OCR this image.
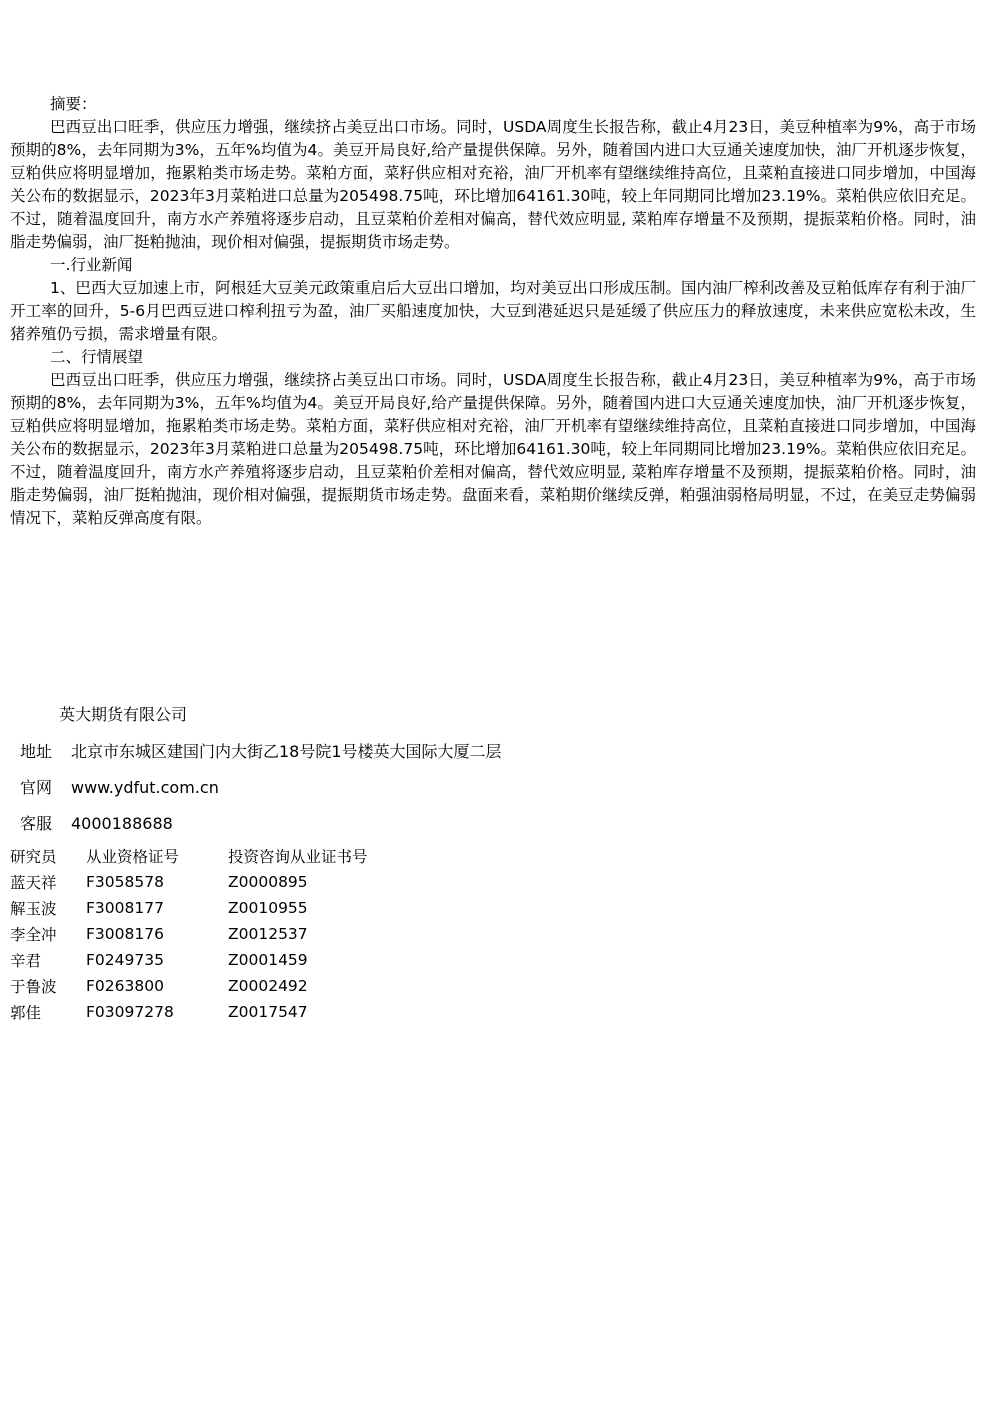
摘要：

巴西豆出口旺季，供应压力增强，继续挤占美豆出口市场。同时，USDA周度生长报告称，截止4月23日，美豆种植率为9%，高于市场预期的8%，去年同期为3%，五年%均值为4。美豆开局良好,给产量提供保障。另外，随着国内进口大豆通关速度加快，油厂开机逐步恢复，豆粕供应将明显增加，拖累粕类市场走势。菜粕方面，菜籽供应相对充裕，油厂开机率有望继续维持高位，且菜粕直接进口同步增加，中国海关公布的数据显示，2023年3月菜粕进口总量为205498.75吨，环比增加64161.30吨，较上年同期同比增加23.19%。菜粕供应依旧充足。不过，随着温度回升，南方水产养殖将逐步启动，且豆菜粕价差相对偏高，替代效应明显, 菜粕库存增量不及预期，提振菜粕价格。同时，油脂走势偏弱，油厂挺粕抛油，现价相对偏强，提振期货市场走势。

一.行业新闻

1、巴西大豆加速上市，阿根廷大豆美元政策重启后大豆出口增加，均对美豆出口形成压制。国内油厂榨利改善及豆粕低库存有利于油厂开工率的回升，5-6月巴西豆进口榨利扭亏为盈，油厂买船速度加快，大豆到港延迟只是延缓了供应压力的释放速度，未来供应宽松未改，生猪养殖仍亏损，需求增量有限。

二、行情展望

巴西豆出口旺季，供应压力增强，继续挤占美豆出口市场。同时，USDA周度生长报告称，截止4月23日，美豆种植率为9%，高于市场预期的8%，去年同期为3%，五年%均值为4。美豆开局良好,给产量提供保障。另外，随着国内进口大豆通关速度加快，油厂开机逐步恢复，豆粕供应将明显增加，拖累粕类市场走势。菜粕方面，菜籽供应相对充裕，油厂开机率有望继续维持高位，且菜粕直接进口同步增加，中国海关公布的数据显示，2023年3月菜粕进口总量为205498.75吨，环比增加64161.30吨，较上年同期同比增加23.19%。菜粕供应依旧充足。不过，随着温度回升，南方水产养殖将逐步启动，且豆菜粕价差相对偏高，替代效应明显, 菜粕库存增量不及预期，提振菜粕价格。同时，油脂走势偏弱，油厂挺粕抛油，现价相对偏强，提振期货市场走势。盘面来看，菜粕期价继续反弹，粕强油弱格局明显，不过，在美豆走势偏弱情况下，菜粕反弹高度有限。

英大期货有限公司
地址 北京市东城区建国门内大街乙18号院1号楼英大国际大厦二层
官网 www.ydfut.com.cn
客服 4000188688
研究员	从业资格证号	投资咨询从业证书号
蓝天祥	F3058578	Z0000895
解玉波	F3008177	Z0010955
李全冲	F3008176	Z0012537
辛君	F0249735	Z0001459
于鲁波	F0263800	Z0002492
郭佳	F03097278	Z0017547
